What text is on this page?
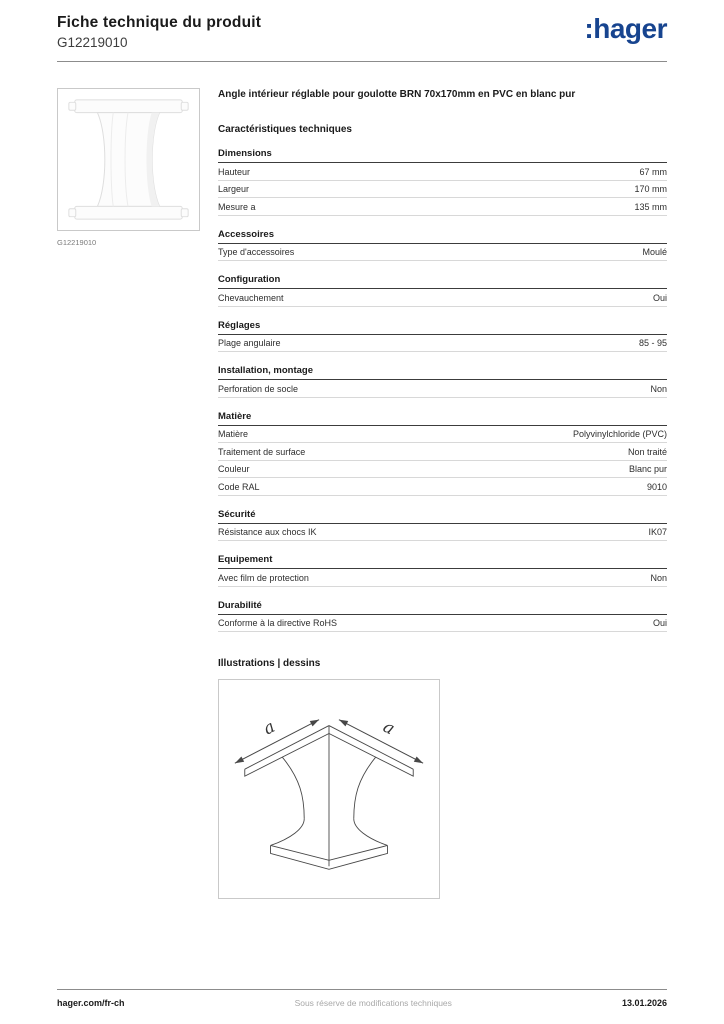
Fiche technique du produit
G12219010	:hager
G12219010
Angle intérieur réglable pour goulotte BRN 70x170mm en PVC en blanc pur
Caractéristiques techniques
Dimensions
Hauteur	67 mm
Largeur	170 mm
Mesure a	135 mm
Accessoires
Type d'accessoires	Moulé
Configuration
Chevauchement	Oui
Réglages
Plage angulaire	85 - 95
Installation, montage
Perforation de socle	Non
Matière
Matière	Polyvinylchloride (PVC)
Traitement de surface	Non traité
Couleur	Blanc pur
Code RAL	9010
Sécurité
Résistance aux chocs IK	IK07
Equipement
Avec film de protection	Non
Durabilité
Conforme à la directive RoHS	Oui
Illustrations | dessins
a	a
hager.com/fr-ch	Sous réserve de modifications techniques	13.01.2026
